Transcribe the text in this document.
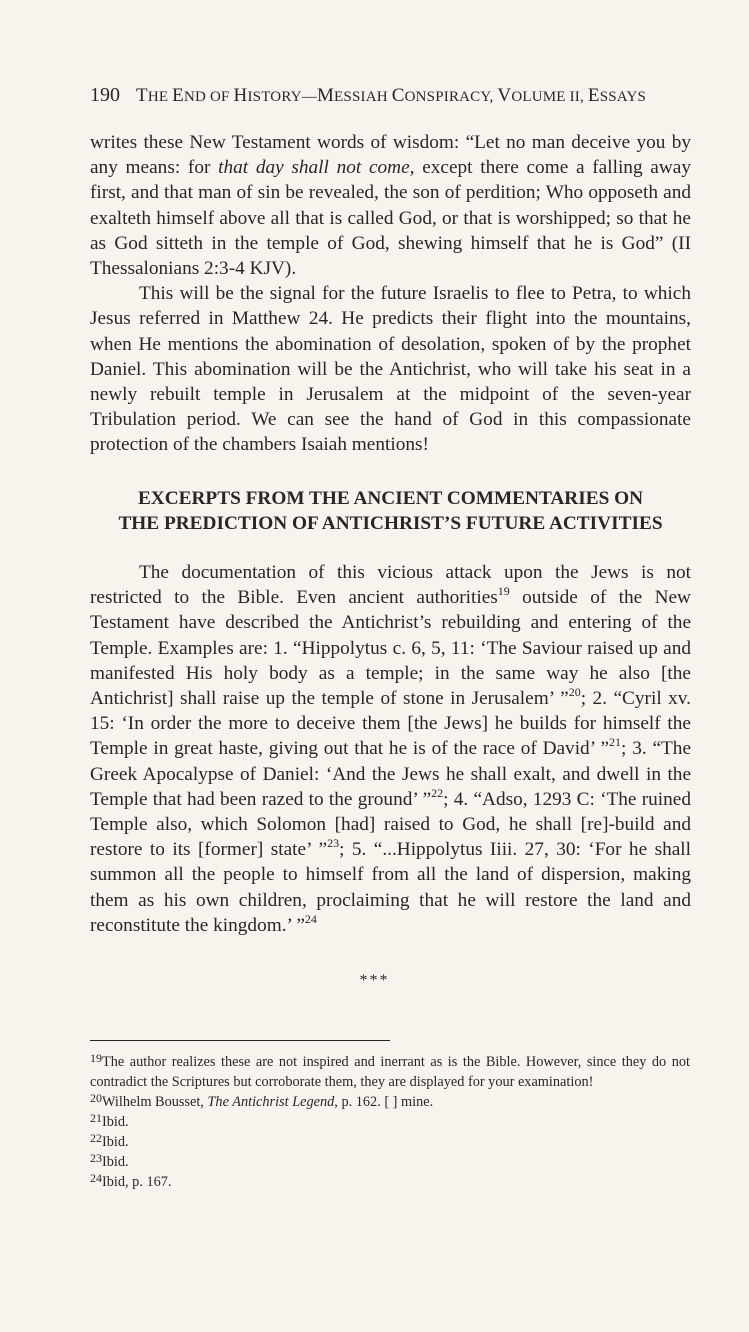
190 THE END OF HISTORY—MESSIAH CONSPIRACY, VOLUME II, ESSAYS

writes these New Testament words of wisdom: “Let no man deceive you by any means: for that day shall not come, except there come a falling away first, and that man of sin be revealed, the son of perdition; Who opposeth and exalteth himself above all that is called God, or that is worshipped; so that he as God sitteth in the temple of God, shewing himself that he is God” (II Thessalonians 2:3-4 KJV).

This will be the signal for the future Israelis to flee to Petra, to which Jesus referred in Matthew 24. He predicts their flight into the mountains, when He mentions the abomination of desolation, spoken of by the prophet Daniel. This abomination will be the Antichrist, who will take his seat in a newly rebuilt temple in Jerusalem at the midpoint of the seven-year Tribulation period. We can see the hand of God in this compassionate protection of the chambers Isaiah mentions!

EXCERPTS FROM THE ANCIENT COMMENTARIES ON
THE PREDICTION OF ANTICHRIST’S FUTURE ACTIVITIES

The documentation of this vicious attack upon the Jews is not restricted to the Bible. Even ancient authorities$^{19}$ outside of the New Testament have described the Antichrist’s rebuilding and entering of the Temple. Examples are: 1. “Hippolytus c. 6, 5, 11: ‘The Saviour raised up and manifested His holy body as a temple; in the same way he also [the Antichrist] shall raise up the temple of stone in Jerusalem’ ”$^{20}$; 2. “Cyril xv. 15: ‘In order the more to deceive them [the Jews] he builds for himself the Temple in great haste, giving out that he is of the race of David’ ”$^{21}$; 3. “The Greek Apocalypse of Daniel: ‘And the Jews he shall exalt, and dwell in the Temple that had been razed to the ground’ ”$^{22}$; 4. “Adso, 1293 C: ‘The ruined Temple also, which Solomon [had] raised to God, he shall [re]-build and restore to its [former] state’ ”$^{23}$; 5. “...Hippolytus Iiii. 27, 30: ‘For he shall summon all the people to himself from all the land of dispersion, making them as his own children, proclaiming that he will restore the land and reconstitute the kingdom.’ ”$^{24}$

***

$^{19}$The author realizes these are not inspired and inerrant as is the Bible. However, since they do not contradict the Scriptures but corroborate them, they are displayed for your examination!

$^{20}$Wilhelm Bousset, The Antichrist Legend, p. 162. [ ] mine.

$^{21}$Ibid.

$^{22}$Ibid.

$^{23}$Ibid.

$^{24}$Ibid, p. 167.
